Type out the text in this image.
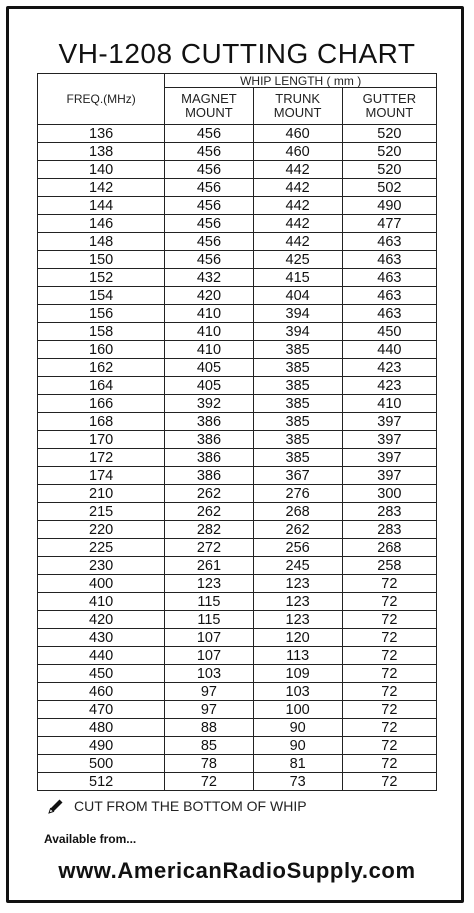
VH-1208 CUTTING CHART
FREQ.(MHz)	WHIP LENGTH ( mm )		
	MAGNET MOUNT	TRUNK MOUNT	GUTTER MOUNT
136	456	460	520
138	456	460	520
140	456	442	520
142	456	442	502
144	456	442	490
146	456	442	477
148	456	442	463
150	456	425	463
152	432	415	463
154	420	404	463
156	410	394	463
158	410	394	450
160	410	385	440
162	405	385	423
164	405	385	423
166	392	385	410
168	386	385	397
170	386	385	397
172	386	385	397
174	386	367	397
210	262	276	300
215	262	268	283
220	282	262	283
225	272	256	268
230	261	245	258
400	123	123	72
410	115	123	72
420	115	123	72
430	107	120	72
440	107	113	72
450	103	109	72
460	97	103	72
470	97	100	72
480	88	90	72
490	85	90	72
500	78	81	72
512	72	73	72
CUT FROM THE BOTTOM OF WHIP
Available from...
www.AmericanRadioSupply.com
